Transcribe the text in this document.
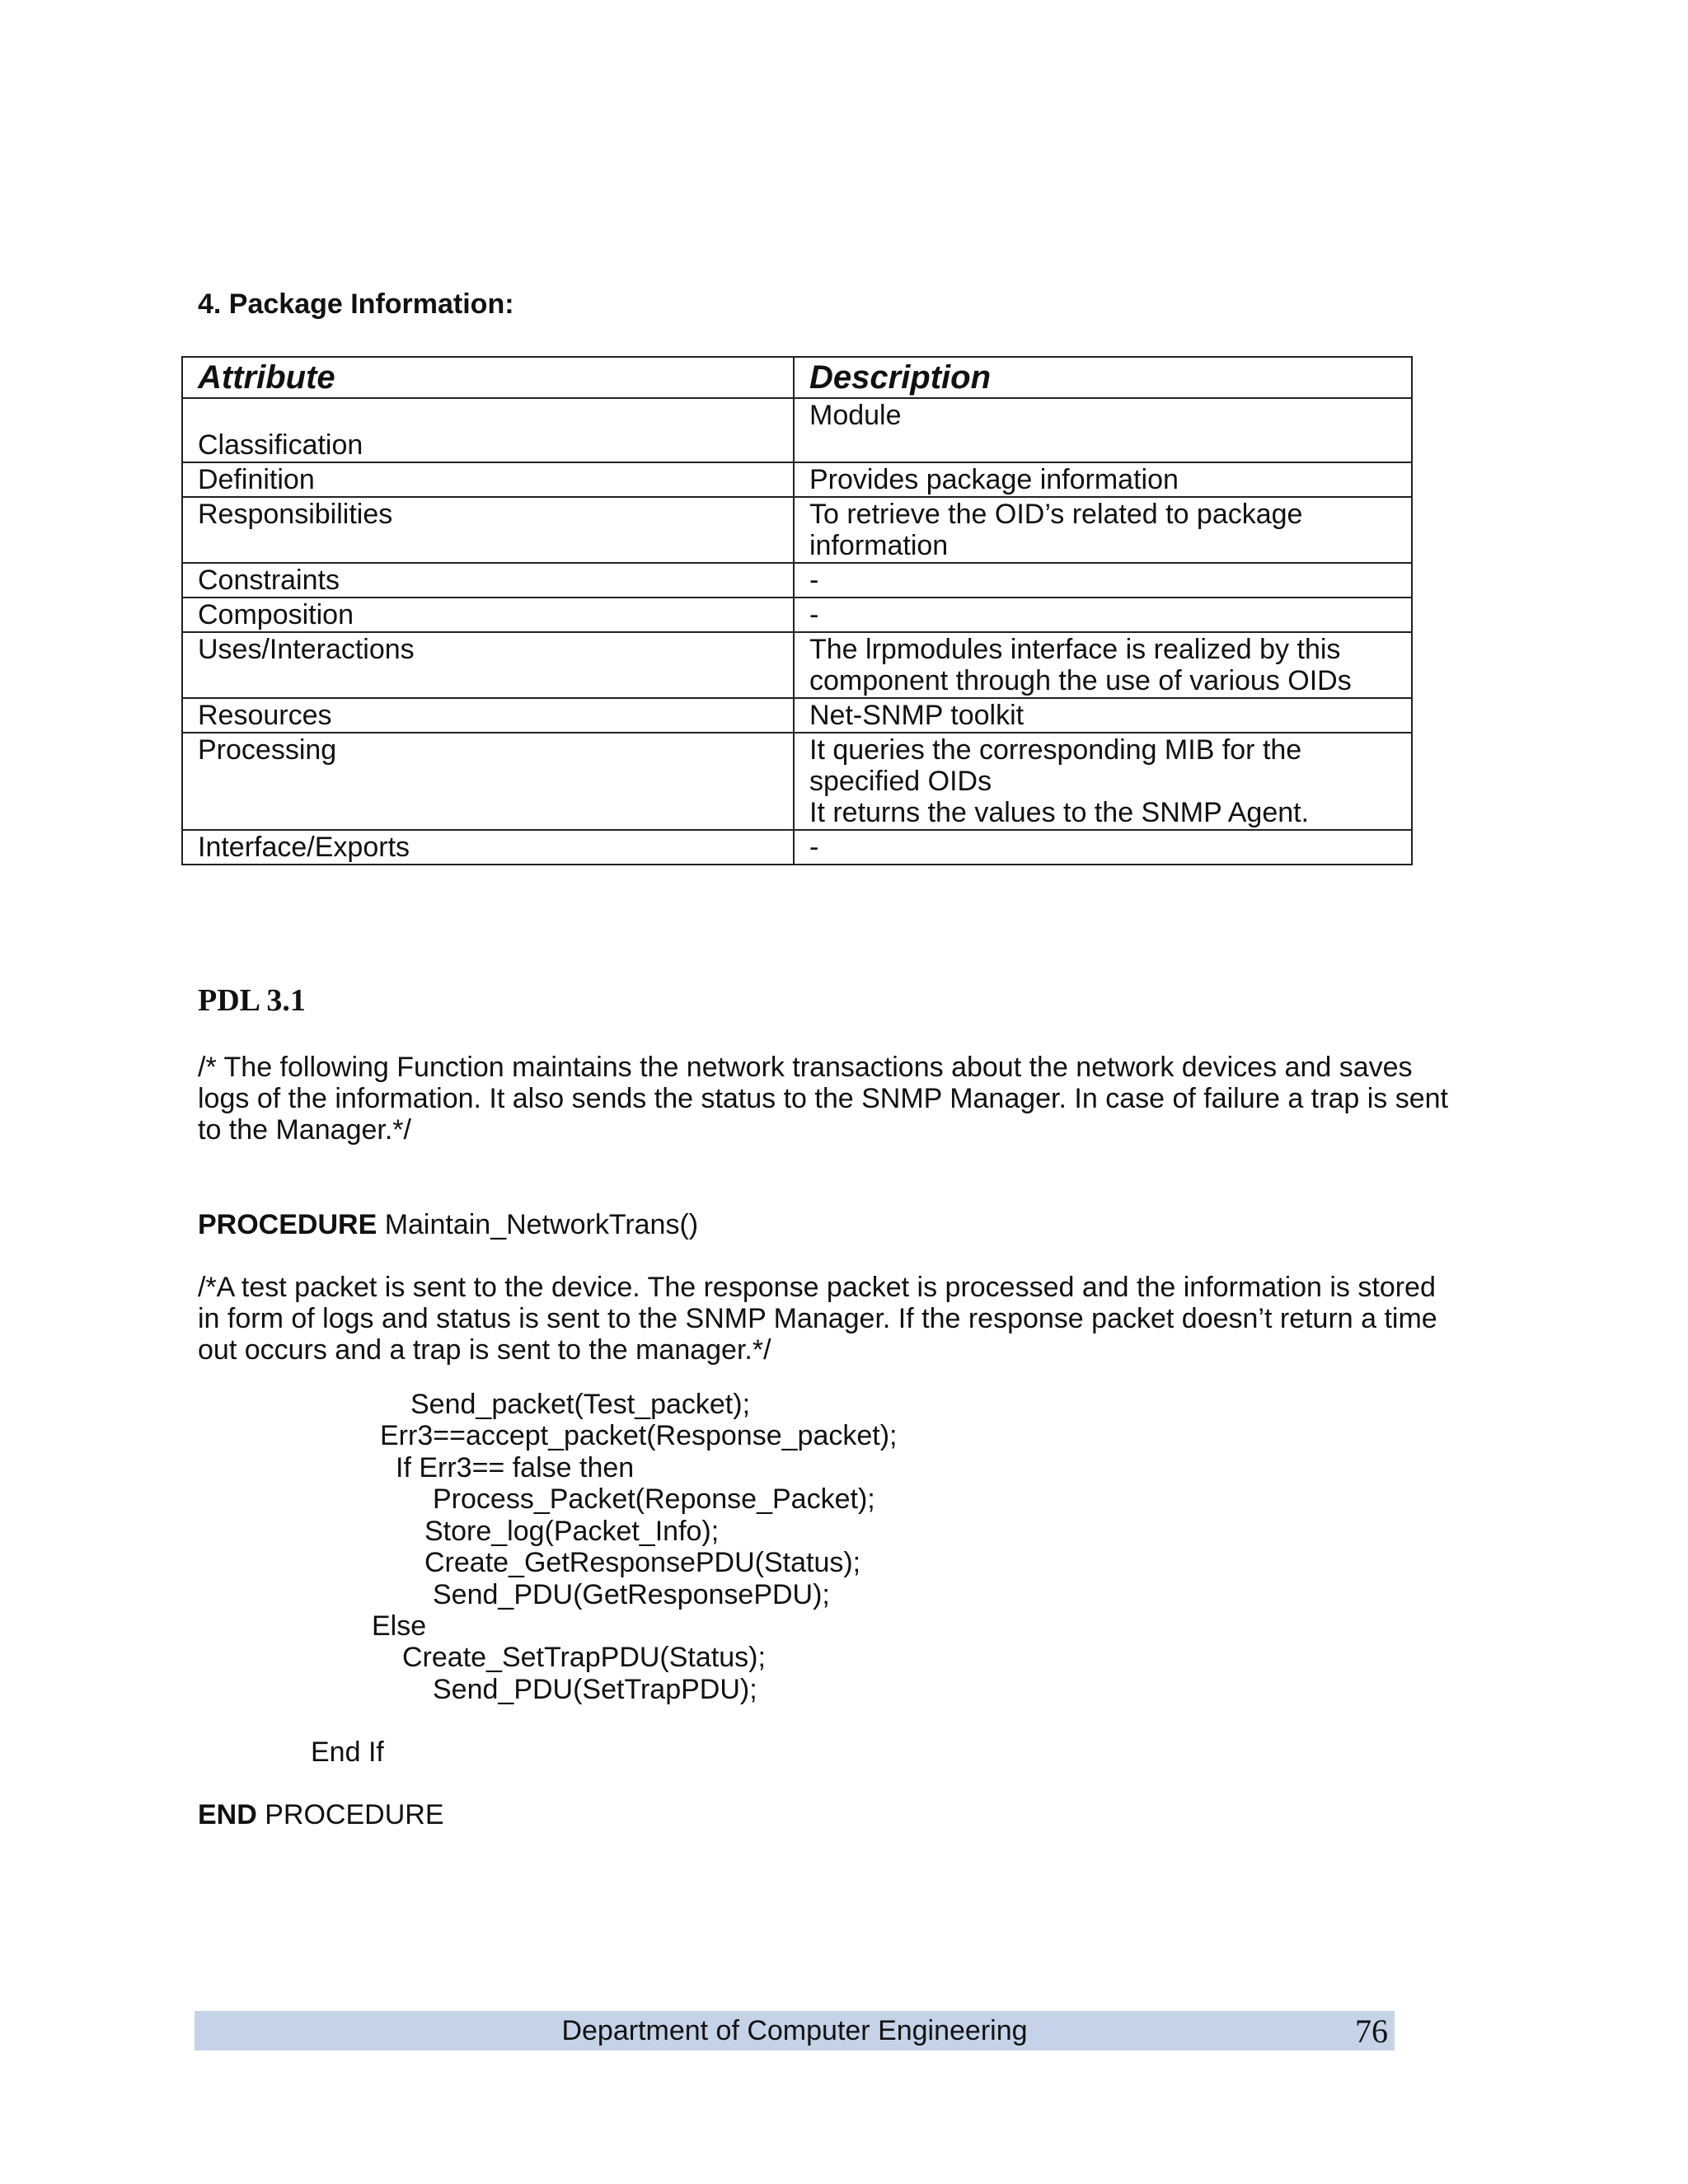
4. Package Information:
Attribute	Description
Classification	Module

Definition	Provides package information

Responsibilities	To retrieve the OID’s related to package
information

Constraints	-

Composition	-

Uses/Interactions	The lrpmodules interface is realized by this
component through the use of various OIDs

Resources	Net-SNMP toolkit

Processing	It queries the corresponding MIB for the
specified OIDs
It returns the values to the SNMP Agent.

Interface/Exports	-
PDL 3.1
/* The following Function maintains the network transactions about the network devices and saves
logs of the information. It also sends the status to the SNMP Manager. In case of failure a trap is sent
to the Manager.*/
PROCEDURE Maintain_NetworkTrans()
/*A test packet is sent to the device. The response packet is processed and the information is stored
in form of logs and status is sent to the SNMP Manager. If the response packet doesn’t return a time
out occurs and a trap is sent to the manager.*/
Send_packet(Test_packet);
Err3==accept_packet(Response_packet);
If Err3== false then
Process_Packet(Reponse_Packet);
Store_log(Packet_Info);
Create_GetResponsePDU(Status);
Send_PDU(GetResponsePDU);
Else
Create_SetTrapPDU(Status);
Send_PDU(SetTrapPDU);
End If
END PROCEDURE
Department of Computer Engineering	76
